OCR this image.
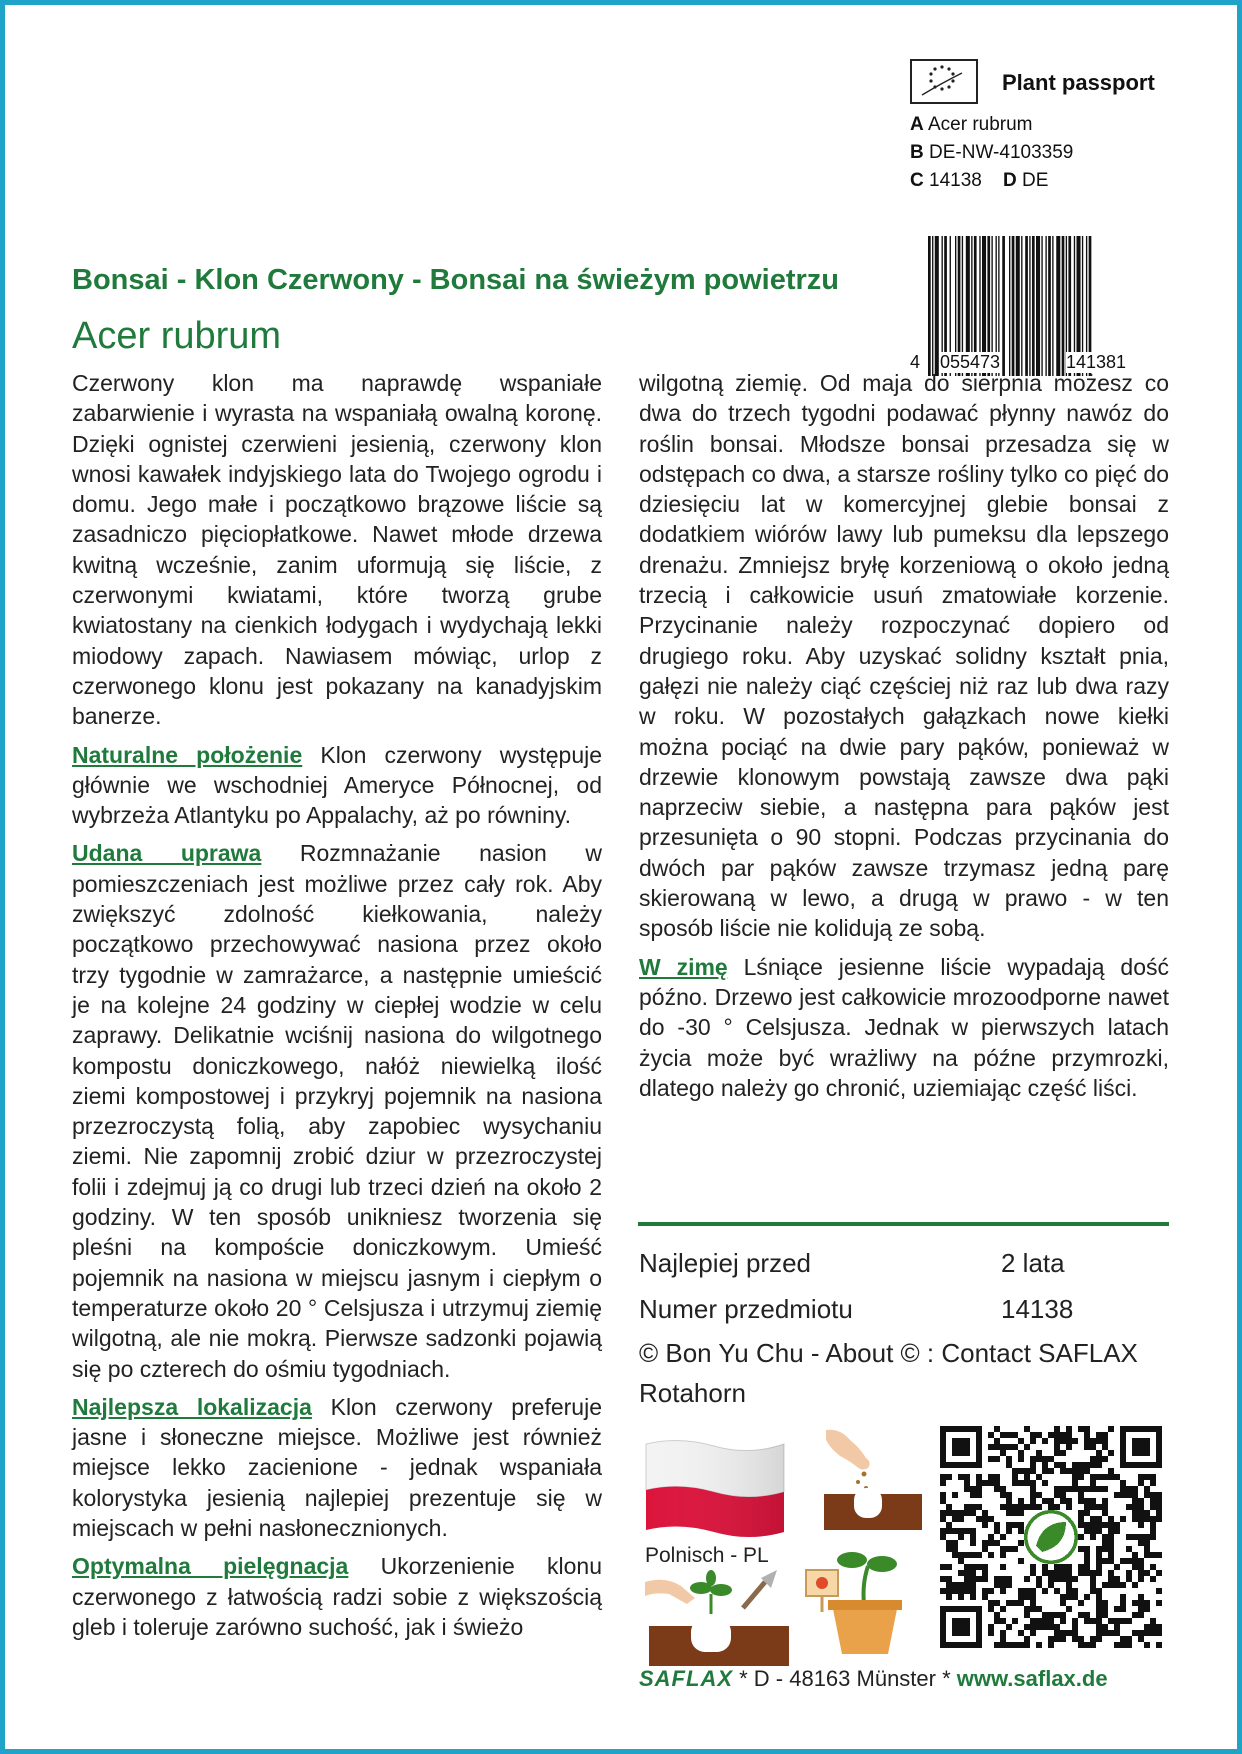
Plant passport
A Acer rubrum
B DE-NW-4103359
C 14138 D DE
4 055473	141381
Bonsai - Klon Czerwony - Bonsai na świeżym powietrzu
Acer rubrum

Czerwony klon ma naprawdę wspaniałe zabarwienie i wyrasta na wspaniałą owalną koronę. Dzięki ognistej czerwieni jesienią, czerwony klon wnosi kawałek indyjskiego lata do Twojego ogrodu i domu. Jego małe i początkowo brązowe liście są zasadniczo pięciopłatkowe. Nawet młode drzewa kwitną wcześnie, zanim uformują się liście, z czerwonymi kwiatami, które tworzą grube kwiatostany na cienkich łodygach i wydychają lekki miodowy zapach. Nawiasem mówiąc, urlop z czerwonego klonu jest pokazany na kanadyjskim banerze.

Naturalne położenie Klon czerwony występuje głównie we wschodniej Ameryce Północnej, od wybrzeża Atlantyku po Appalachy, aż po równiny.

Udana uprawa Rozmnażanie nasion w pomieszczeniach jest możliwe przez cały rok. Aby zwiększyć zdolność kiełkowania, należy początkowo przechowywać nasiona przez około trzy tygodnie w zamrażarce, a następnie umieścić je na kolejne 24 godziny w ciepłej wodzie w celu zaprawy. Delikatnie wciśnij nasiona do wilgotnego kompostu doniczkowego, nałóż niewielką ilość ziemi kompostowej i przykryj pojemnik na nasiona przezroczystą folią, aby zapobiec wysychaniu ziemi. Nie zapomnij zrobić dziur w przezroczystej folii i zdejmuj ją co drugi lub trzeci dzień na około 2 godziny. W ten sposób unikniesz tworzenia się pleśni na kompoście doniczkowym. Umieść pojemnik na nasiona w miejscu jasnym i ciepłym o temperaturze około 20 ° Celsjusza i utrzymuj ziemię wilgotną, ale nie mokrą. Pierwsze sadzonki pojawią się po czterech do ośmiu tygodniach.

Najlepsza lokalizacja Klon czerwony preferuje jasne i słoneczne miejsce. Możliwe jest również miejsce lekko zacienione - jednak wspaniała kolorystyka jesienią najlepiej prezentuje się w miejscach w pełni nasłonecznionych.

Optymalna pielęgnacja Ukorzenienie klonu czerwonego z łatwością radzi sobie z większością gleb i toleruje zarówno suchość, jak i świeżo

wilgotną ziemię. Od maja do sierpnia możesz co dwa do trzech tygodni podawać płynny nawóz do roślin bonsai. Młodsze bonsai przesadza się w odstępach co dwa, a starsze rośliny tylko co pięć do dziesięciu lat w komercyjnej glebie bonsai z dodatkiem wiórów lawy lub pumeksu dla lepszego drenażu. Zmniejsz bryłę korzeniową o około jedną trzecią i całkowicie usuń zmatowiałe korzenie. Przycinanie należy rozpoczynać dopiero od drugiego roku. Aby uzyskać solidny kształt pnia, gałęzi nie należy ciąć częściej niż raz lub dwa razy w roku. W pozostałych gałązkach nowe kiełki można pociąć na dwie pary pąków, ponieważ w drzewie klonowym powstają zawsze dwa pąki naprzeciw siebie, a następna para pąków jest przesunięta o 90 stopni. Podczas przycinania do dwóch par pąków zawsze trzymasz jedną parę skierowaną w lewo, a drugą w prawo - w ten sposób liście nie kolidują ze sobą.

W zimę Lśniące jesienne liście wypadają dość późno. Drzewo jest całkowicie mrozoodporne nawet do -30 ° Celsjusza. Jednak w pierwszych latach życia może być wrażliwy na późne przymrozki, dlatego należy go chronić, uziemiając część liści.

Najlepiej przed	2 lata
Numer przedmiotu	14138
© Bon Yu Chu - About © : Contact SAFLAX
Rotahorn
Polnisch - PL
SAFLAX * D - 48163 Münster * www.saflax.de
